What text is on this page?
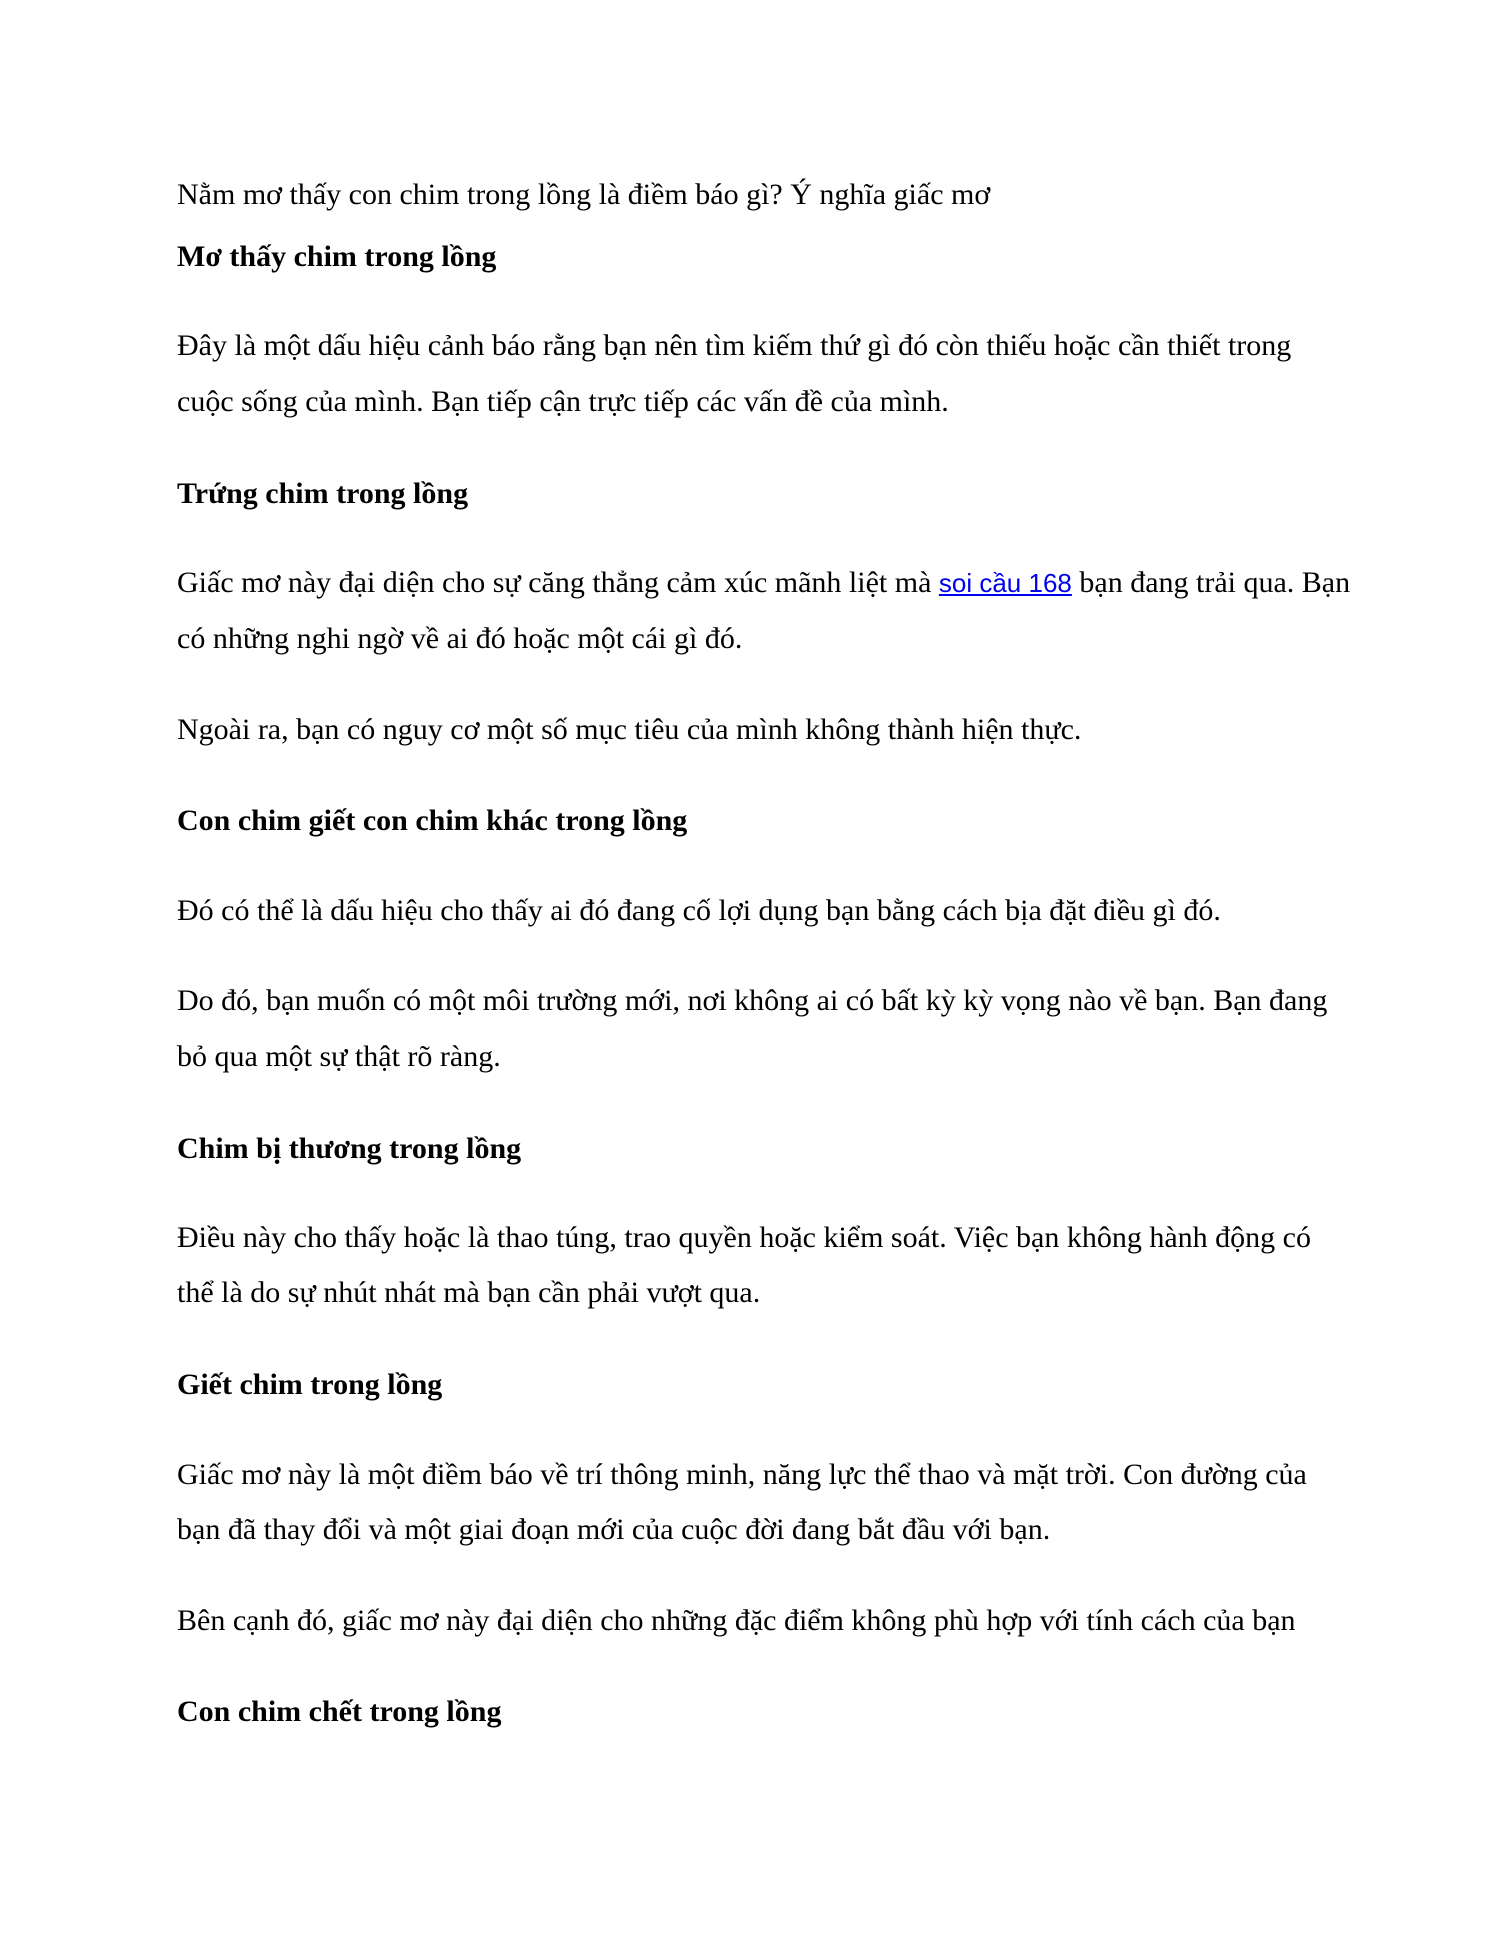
Nằm mơ thấy con chim trong lồng là điềm báo gì? Ý nghĩa giấc mơ

Mơ thấy chim trong lồng

Đây là một dấu hiệu cảnh báo rằng bạn nên tìm kiếm thứ gì đó còn thiếu hoặc cần thiết trong

cuộc sống của mình. Bạn tiếp cận trực tiếp các vấn đề của mình.

Trứng chim trong lồng

Giấc mơ này đại diện cho sự căng thẳng cảm xúc mãnh liệt mà soi cầu 168 bạn đang trải qua. Bạn

có những nghi ngờ về ai đó hoặc một cái gì đó.

Ngoài ra, bạn có nguy cơ một số mục tiêu của mình không thành hiện thực.

Con chim giết con chim khác trong lồng

Đó có thể là dấu hiệu cho thấy ai đó đang cố lợi dụng bạn bằng cách bịa đặt điều gì đó.

Do đó, bạn muốn có một môi trường mới, nơi không ai có bất kỳ kỳ vọng nào về bạn. Bạn đang

bỏ qua một sự thật rõ ràng.

Chim bị thương trong lồng

Điều này cho thấy hoặc là thao túng, trao quyền hoặc kiểm soát. Việc bạn không hành động có

thể là do sự nhút nhát mà bạn cần phải vượt qua.

Giết chim trong lồng

Giấc mơ này là một điềm báo về trí thông minh, năng lực thể thao và mặt trời. Con đường của

bạn đã thay đổi và một giai đoạn mới của cuộc đời đang bắt đầu với bạn.

Bên cạnh đó, giấc mơ này đại diện cho những đặc điểm không phù hợp với tính cách của bạn

Con chim chết trong lồng
